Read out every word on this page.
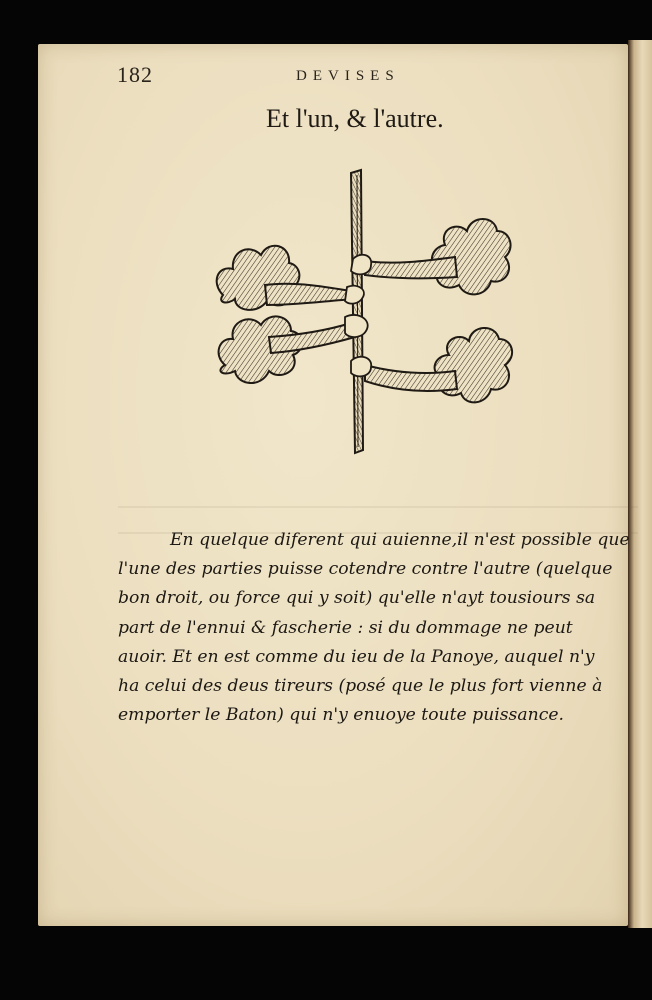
182	DEVISES
Et l'un, & l'autre.
En quelque diferent qui auienne,il n'est possible que
l'une des parties puisse cotendre contre l'autre (quelque
bon droit, ou force qui y soit) qu'elle n'ayt tousiours sa
part de l'ennui & fascherie : si du dommage ne peut
auoir. Et en est comme du ieu de la Panoye, auquel n'y
ha celui des deus tireurs (posé que le plus fort vienne à
emporter le Baton) qui n'y enuoye toute puissance.
